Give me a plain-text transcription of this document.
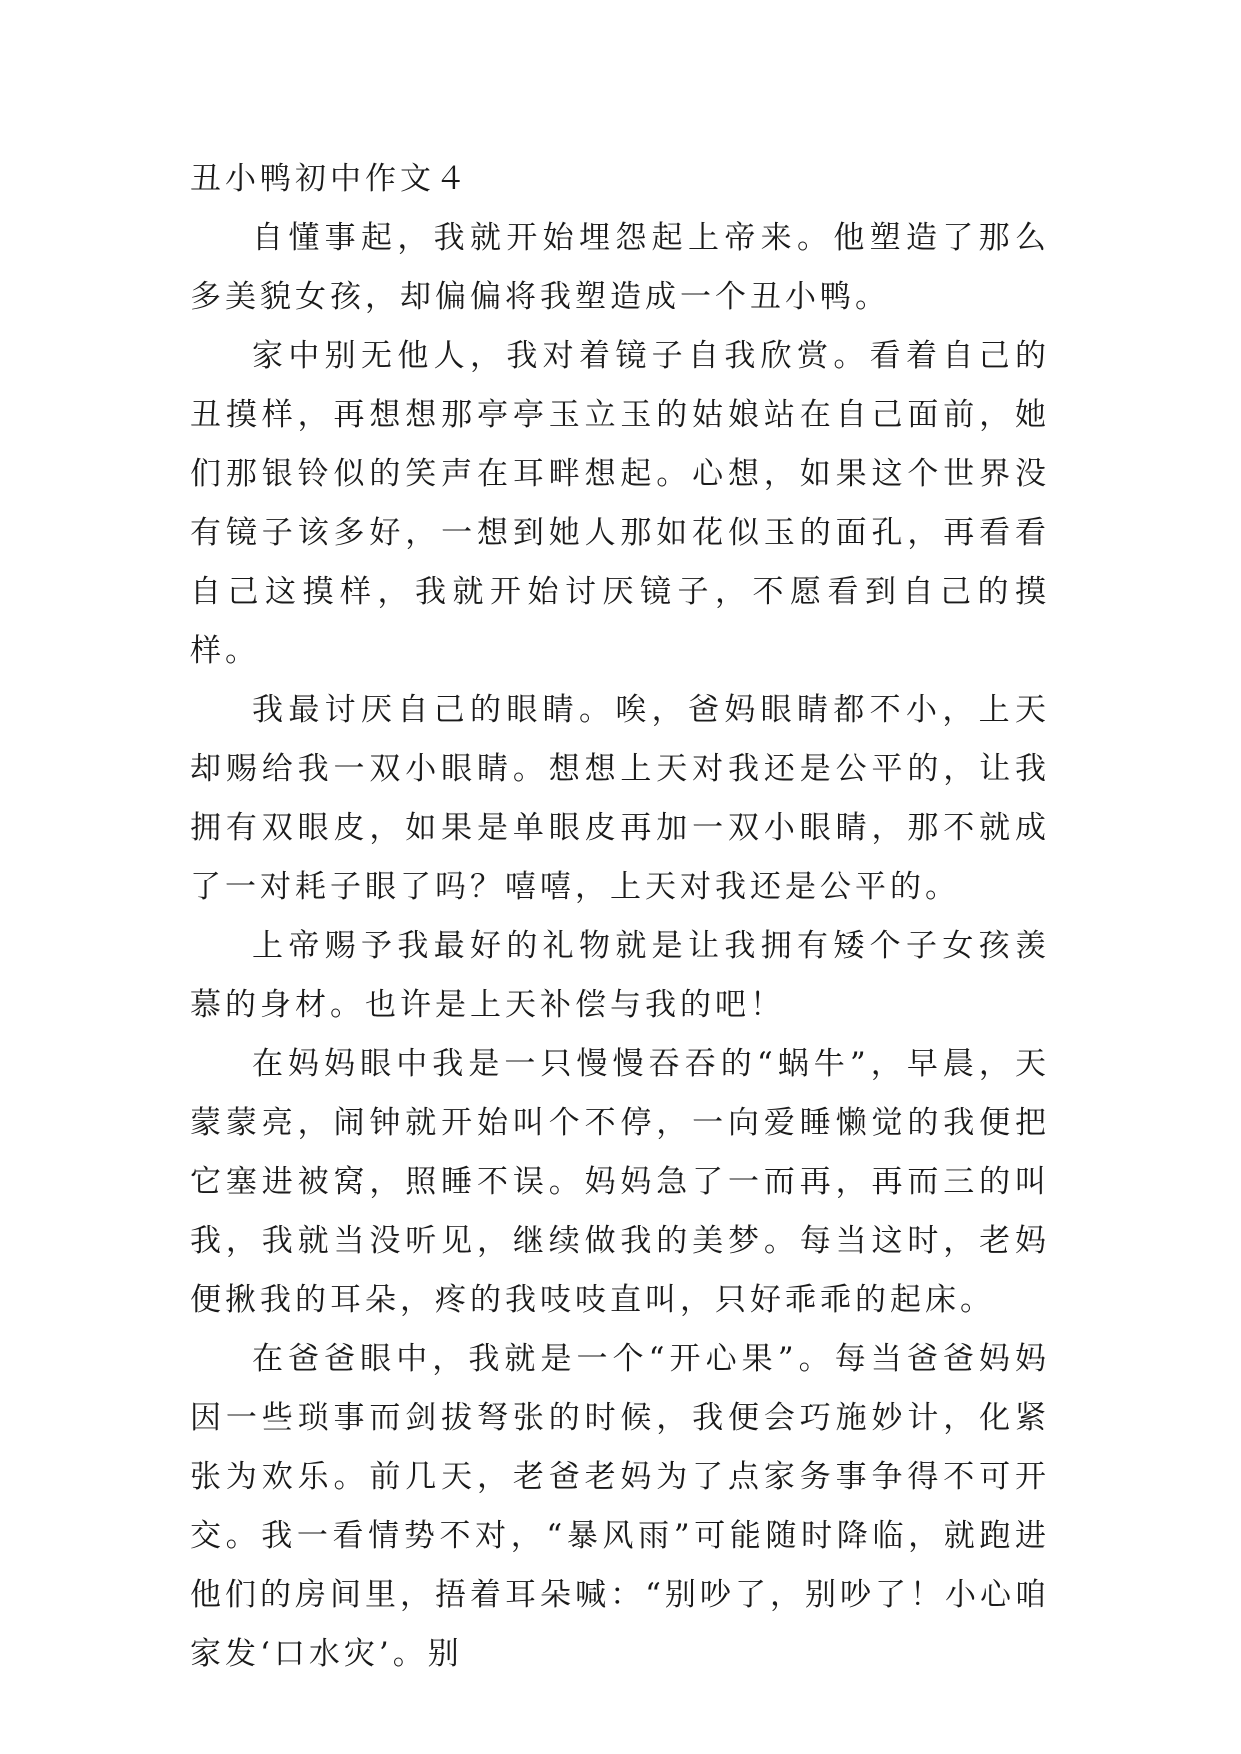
丑小鸭初中作文４

自懂事起，我就开始埋怨起上帝来。他塑造了那么多美貌女孩，却偏偏将我塑造成一个丑小鸭。

家中别无他人，我对着镜子自我欣赏。看着自己的丑摸样，再想想那亭亭玉立玉的姑娘站在自己面前，她们那银铃似的笑声在耳畔想起。心想，如果这个世界没有镜子该多好，一想到她人那如花似玉的面孔，再看看自己这摸样，我就开始讨厌镜子，不愿看到自己的摸样。

我最讨厌自己的眼睛。唉，爸妈眼睛都不小，上天却赐给我一双小眼睛。想想上天对我还是公平的，让我拥有双眼皮，如果是单眼皮再加一双小眼睛，那不就成了一对耗子眼了吗？嘻嘻，上天对我还是公平的。

上帝赐予我最好的礼物就是让我拥有矮个子女孩羡慕的身材。也许是上天补偿与我的吧！

在妈妈眼中我是一只慢慢吞吞的“蜗牛”，早晨，天蒙蒙亮，闹钟就开始叫个不停，一向爱睡懒觉的我便把它塞进被窝，照睡不误。妈妈急了一而再，再而三的叫我，我就当没听见，继续做我的美梦。每当这时，老妈便揪我的耳朵，疼的我吱吱直叫，只好乖乖的起床。

在爸爸眼中，我就是一个“开心果”。每当爸爸妈妈因一些琐事而剑拔弩张的时候，我便会巧施妙计，化紧张为欢乐。前几天，老爸老妈为了点家务事争得不可开交。我一看情势不对，“暴风雨”可能随时降临，就跑进他们的房间里，捂着耳朵喊：“别吵了，别吵了！小心咱家发‘口水灾’。别
